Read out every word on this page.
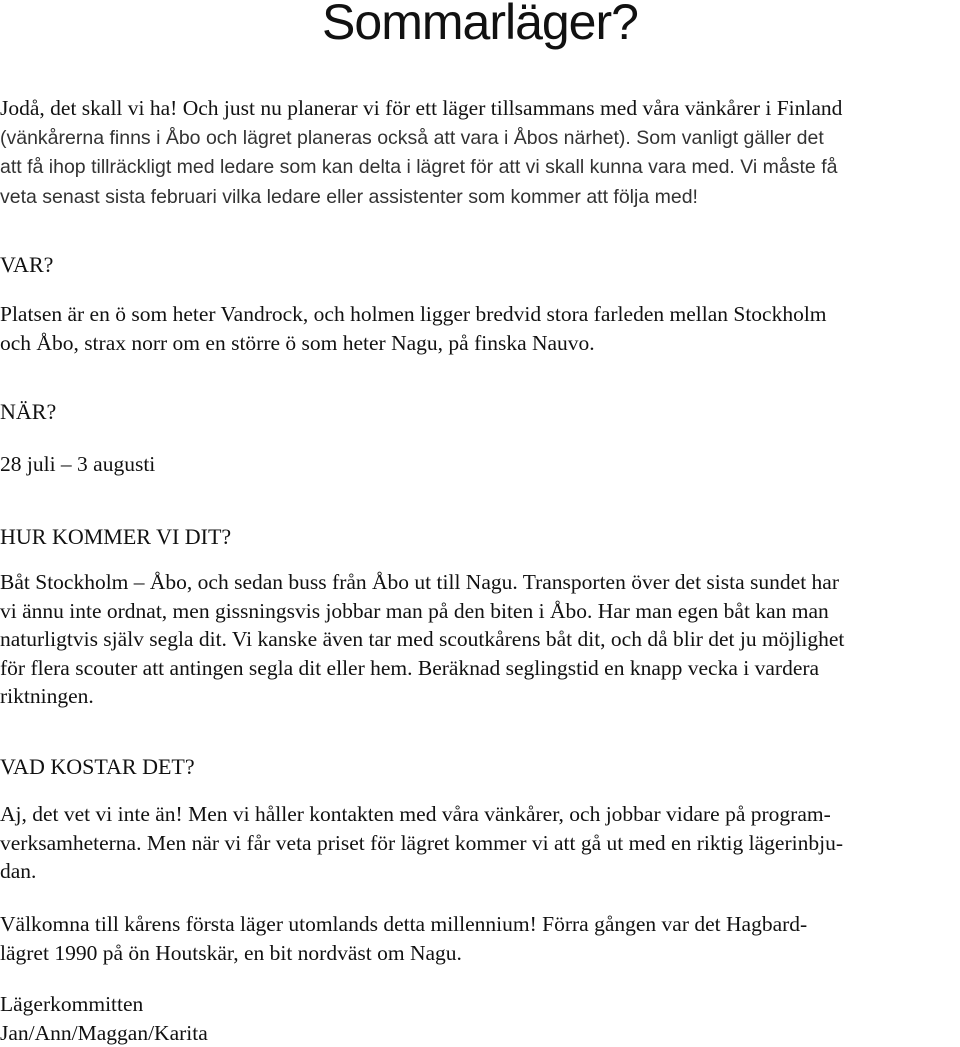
Sommarläger?
Jodå, det skall vi ha! Och just nu planerar vi för ett läger tillsammans med våra vänkårer i Finland
(vänkårerna finns i Åbo och lägret planeras också att vara i Åbos närhet). Som vanligt gäller det
att få ihop tillräckligt med ledare som kan delta i lägret för att vi skall kunna vara med. Vi måste få
veta senast sista februari vilka ledare eller assistenter som kommer att följa med!
VAR?
Platsen är en ö som heter Vandrock, och holmen ligger bredvid stora farleden mellan Stockholm
och Åbo, strax norr om en större ö som heter Nagu, på finska Nauvo.
NÄR?
28 juli – 3 augusti
HUR KOMMER VI DIT?
Båt Stockholm – Åbo, och sedan buss från Åbo ut till Nagu. Transporten över det sista sundet har
vi ännu inte ordnat, men gissningsvis jobbar man på den biten i Åbo. Har man egen båt kan man
naturligtvis själv segla dit. Vi kanske även tar med scoutkårens båt dit, och då blir det ju möjlighet
för flera scouter att antingen segla dit eller hem. Beräknad seglingstid en knapp vecka i vardera
riktningen.
VAD KOSTAR DET?
Aj, det vet vi inte än! Men vi håller kontakten med våra vänkårer, och jobbar vidare på program-
verksamheterna. Men när vi får veta priset för lägret kommer vi att gå ut med en riktig lägerinbju-
dan.
Välkomna till kårens första läger utomlands detta millennium! Förra gången var det Hagbard-
lägret 1990 på ön Houtskär, en bit nordväst om Nagu.
Lägerkommitten
Jan/Ann/Maggan/Karita
